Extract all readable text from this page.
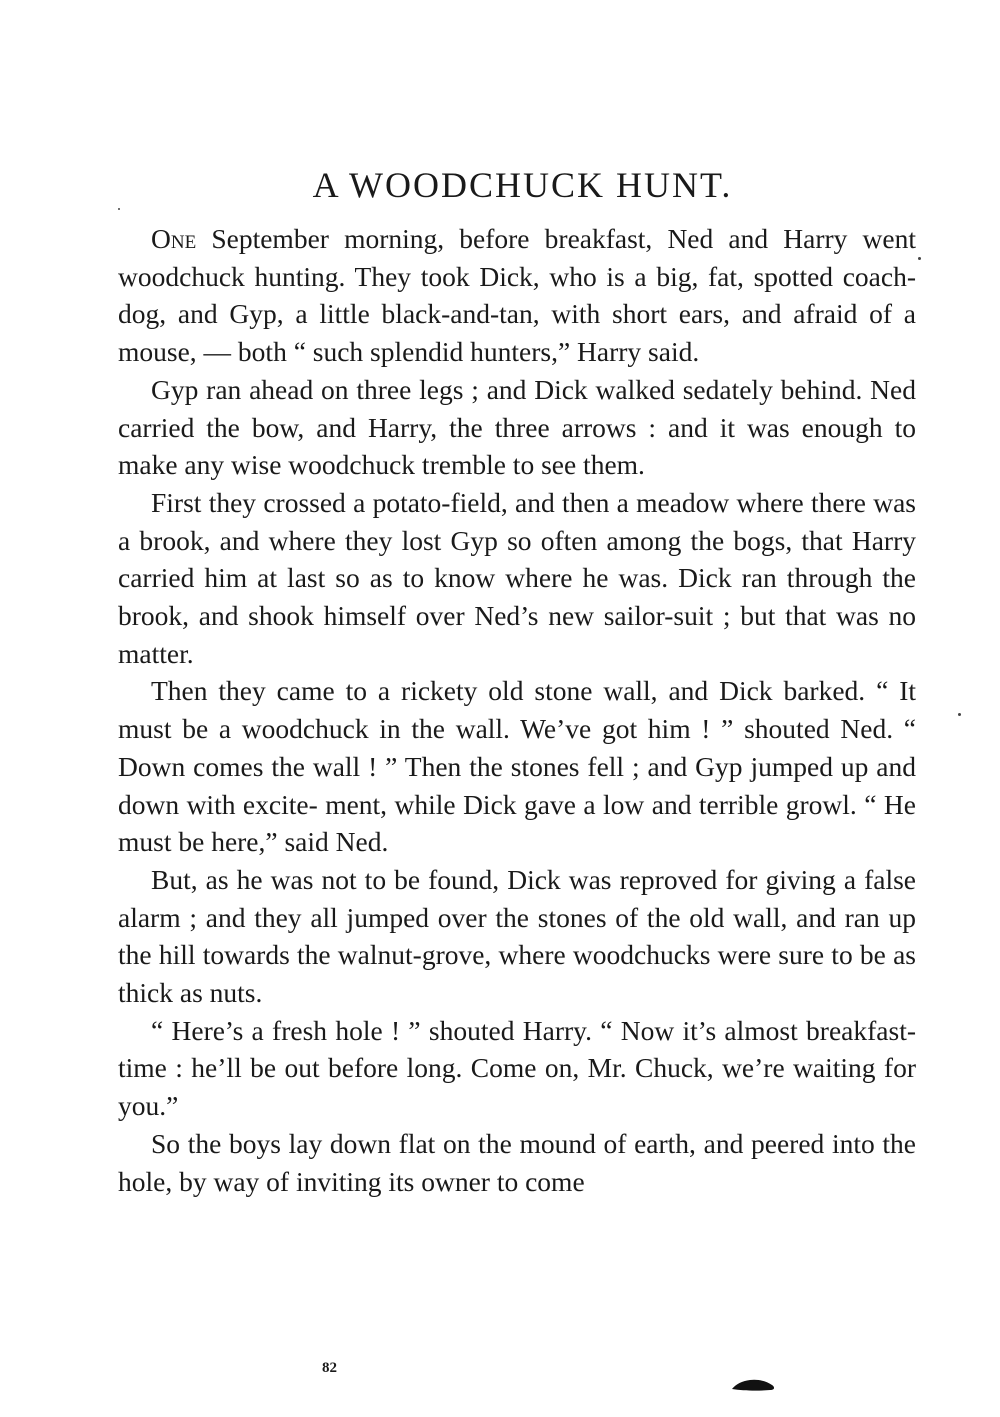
A WOODCHUCK HUNT.

One September morning, before breakfast, Ned and Harry went woodchuck hunting. They took Dick, who is a big, fat, spotted coach-dog, and Gyp, a little black-and-tan, with short ears, and afraid of a mouse, — both “ such splendid hunters,” Harry said.

Gyp ran ahead on three legs ; and Dick walked sedately behind. Ned carried the bow, and Harry, the three arrows : and it was enough to make any wise woodchuck tremble to see them.

First they crossed a potato-field, and then a meadow where there was a brook, and where they lost Gyp so often among the bogs, that Harry carried him at last so as to know where he was. Dick ran through the brook, and shook himself over Ned’s new sailor-suit ; but that was no matter.

Then they came to a rickety old stone wall, and Dick barked. “ It must be a woodchuck in the wall. We’ve got him ! ” shouted Ned. “ Down comes the wall ! ” Then the stones fell ; and Gyp jumped up and down with excite- ment, while Dick gave a low and terrible growl. “ He must be here,” said Ned.

But, as he was not to be found, Dick was reproved for giving a false alarm ; and they all jumped over the stones of the old wall, and ran up the hill towards the walnut-grove, where woodchucks were sure to be as thick as nuts.

“ Here’s a fresh hole ! ” shouted Harry. “ Now it’s almost breakfast-time : he’ll be out before long. Come on, Mr. Chuck, we’re waiting for you.”

So the boys lay down flat on the mound of earth, and peered into the hole, by way of inviting its owner to come

82
